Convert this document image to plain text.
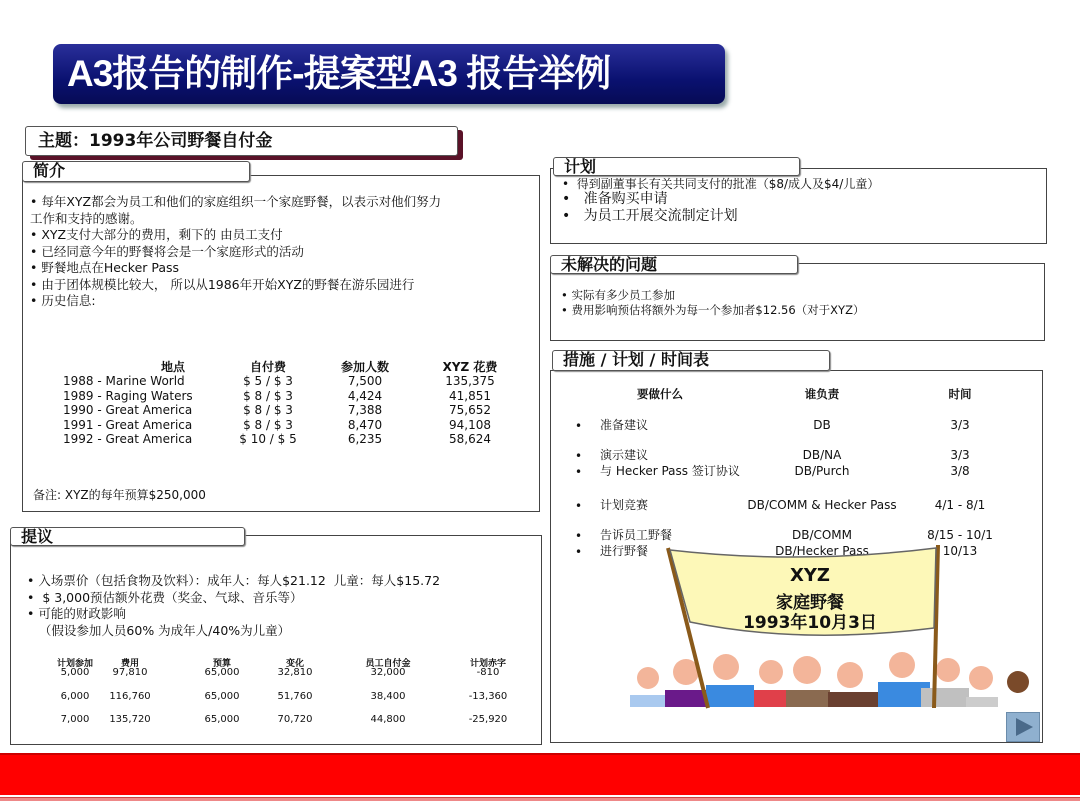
A3报告的制作-提案型A3 报告举例
主题：1993年公司野餐自付金
简介
• 每年XYZ都会为员工和他们的家庭组织一个家庭野餐，以表示对他们努力
工作和支持的感谢。
• XYZ支付大部分的费用，剩下的 由员工支付
• 已经同意今年的野餐将会是一个家庭形式的活动
• 野餐地点在Hecker Pass
• 由于团体规模比较大， 所以从1986年开始XYZ的野餐在游乐园进行
• 历史信息:
地点	自付费	参加人数	XYZ 花费
1988 - Marine World	$ 5 / $ 3	7,500	135,375
1989 - Raging Waters	$ 8 / $ 3	4,424	41,851
1990 - Great America	$ 8 / $ 3	7,388	75,652
1991 - Great America	$ 8 / $ 3	8,470	94,108
1992 - Great America	$ 10 / $ 5	6,235	58,624
备注: XYZ的每年预算$250,000
提议
• 入场票价（包括食物及饮料）：成年人：每人$21.12  儿童：每人$15.72
•  $ 3,000预估额外花费（奖金、气球、音乐等）
• 可能的财政影响
（假设参加人员60% 为成年人/40%为儿童）
计划参加	费用	预算	变化	员工自付金	计划赤字
5,000	97,810	65,000	32,810	32,000	-810
6,000	116,760	65,000	51,760	38,400	-13,360
7,000	135,720	65,000	70,720	44,800	-25,920
计划
•  得到副董事长有关共同支付的批准（$8/成人及$4/儿童）
•   准备购买申请
•   为员工开展交流制定计划
未解决的问题
• 实际有多少员工参加
• 费用影响预估将额外为每一个参加者$12.56（对于XYZ）
措施 / 计划 / 时间表
要做什么	谁负责	时间
• 准备建议	DB	3/3
• 演示建议	DB/NA	3/3
• 与 Hecker Pass 签订协议	DB/Purch	3/8
• 计划竞赛	DB/COMM & Hecker Pass	4/1 - 8/1
• 告诉员工野餐	DB/COMM	8/15 - 10/1
• 进行野餐	DB/Hecker Pass	10/13
XYZ
家庭野餐
1993年10月3日
